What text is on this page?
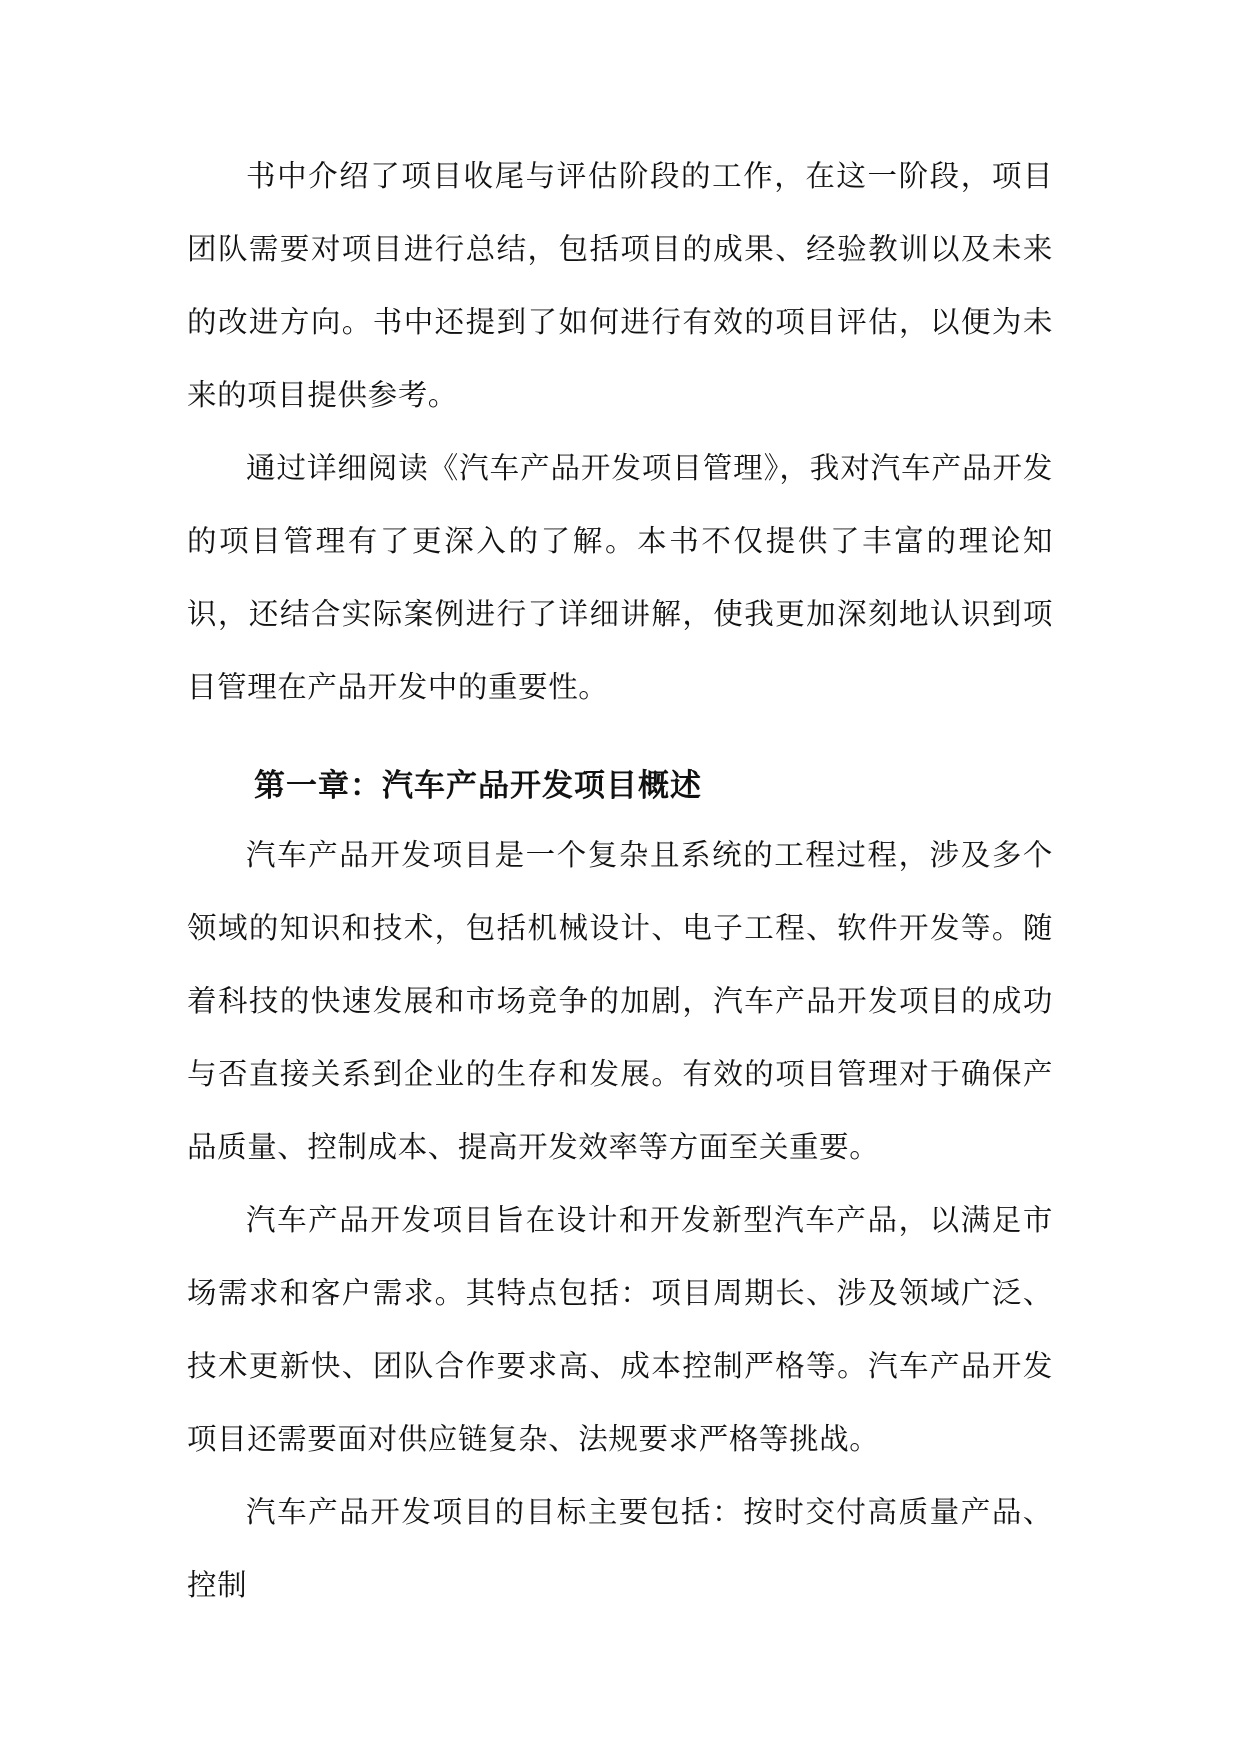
书中介绍了项目收尾与评估阶段的工作，在这一阶段，项目团队需要对项目进行总结，包括项目的成果、经验教训以及未来的改进方向。书中还提到了如何进行有效的项目评估，以便为未来的项目提供参考。

通过详细阅读《汽车产品开发项目管理》，我对汽车产品开发的项目管理有了更深入的了解。本书不仅提供了丰富的理论知识，还结合实际案例进行了详细讲解，使我更加深刻地认识到项目管理在产品开发中的重要性。

第一章：汽车产品开发项目概述

汽车产品开发项目是一个复杂且系统的工程过程，涉及多个领域的知识和技术，包括机械设计、电子工程、软件开发等。随着科技的快速发展和市场竞争的加剧，汽车产品开发项目的成功与否直接关系到企业的生存和发展。有效的项目管理对于确保产品质量、控制成本、提高开发效率等方面至关重要。

汽车产品开发项目旨在设计和开发新型汽车产品，以满足市场需求和客户需求。其特点包括：项目周期长、涉及领域广泛、技术更新快、团队合作要求高、成本控制严格等。汽车产品开发项目还需要面对供应链复杂、法规要求严格等挑战。

汽车产品开发项目的目标主要包括：按时交付高质量产品、控制
